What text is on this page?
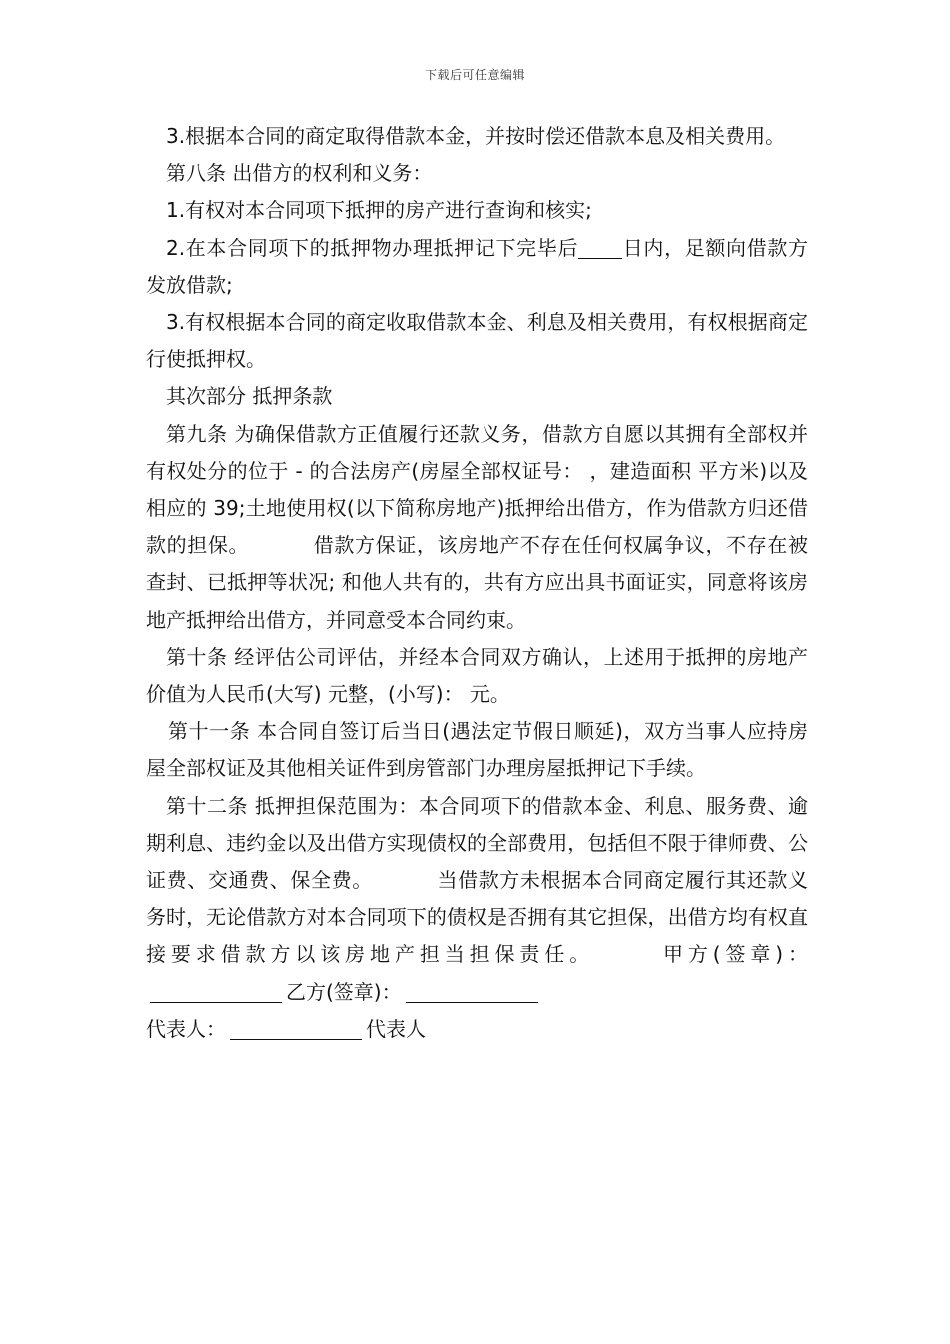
下载后可任意编辑

3.根据本合同的商定取得借款本金，并按时偿还借款本息及相关费用。

第八条 出借方的权利和义务：

1.有权对本合同项下抵押的房产进行查询和核实;

2.在本合同项下的抵押物办理抵押记下完毕后 日内，足额向借款方发放借款;

3.有权根据本合同的商定收取借款本金、利息及相关费用，有权根据商定行使抵押权。

其次部分 抵押条款

第九条 为确保借款方正值履行还款义务，借款方自愿以其拥有全部权并有权处分的位于 - 的合法房产(房屋全部权证号： ，建造面积 平方米)以及相应的 39;土地使用权(以下简称房地产)抵押给出借方，作为借款方归还借款的担保。	借款方保证，该房地产不存在任何权属争议，不存在被查封、已抵押等状况; 和他人共有的，共有方应出具书面证实，同意将该房地产抵押给出借方，并同意受本合同约束。

第十条 经评估公司评估，并经本合同双方确认，上述用于抵押的房地产价值为人民币(大写) 元整，(小写)： 元。

第十一条 本合同自签订后当日(遇法定节假日顺延)，双方当事人应持房屋全部权证及其他相关证件到房管部门办理房屋抵押记下手续。

第十二条 抵押担保范围为：本合同项下的借款本金、利息、服务费、逾期利息、违约金以及出借方实现债权的全部费用，包括但不限于律师费、公证费、交通费、保全费。	当借款方未根据本合同商定履行其还款义务时，无论借款方对本合同项下的债权是否拥有其它担保，出借方均有权直接要求借款方以该房地产担当担保责任。	甲方(签章)：乙方(签章)：

代表人：	代表人
